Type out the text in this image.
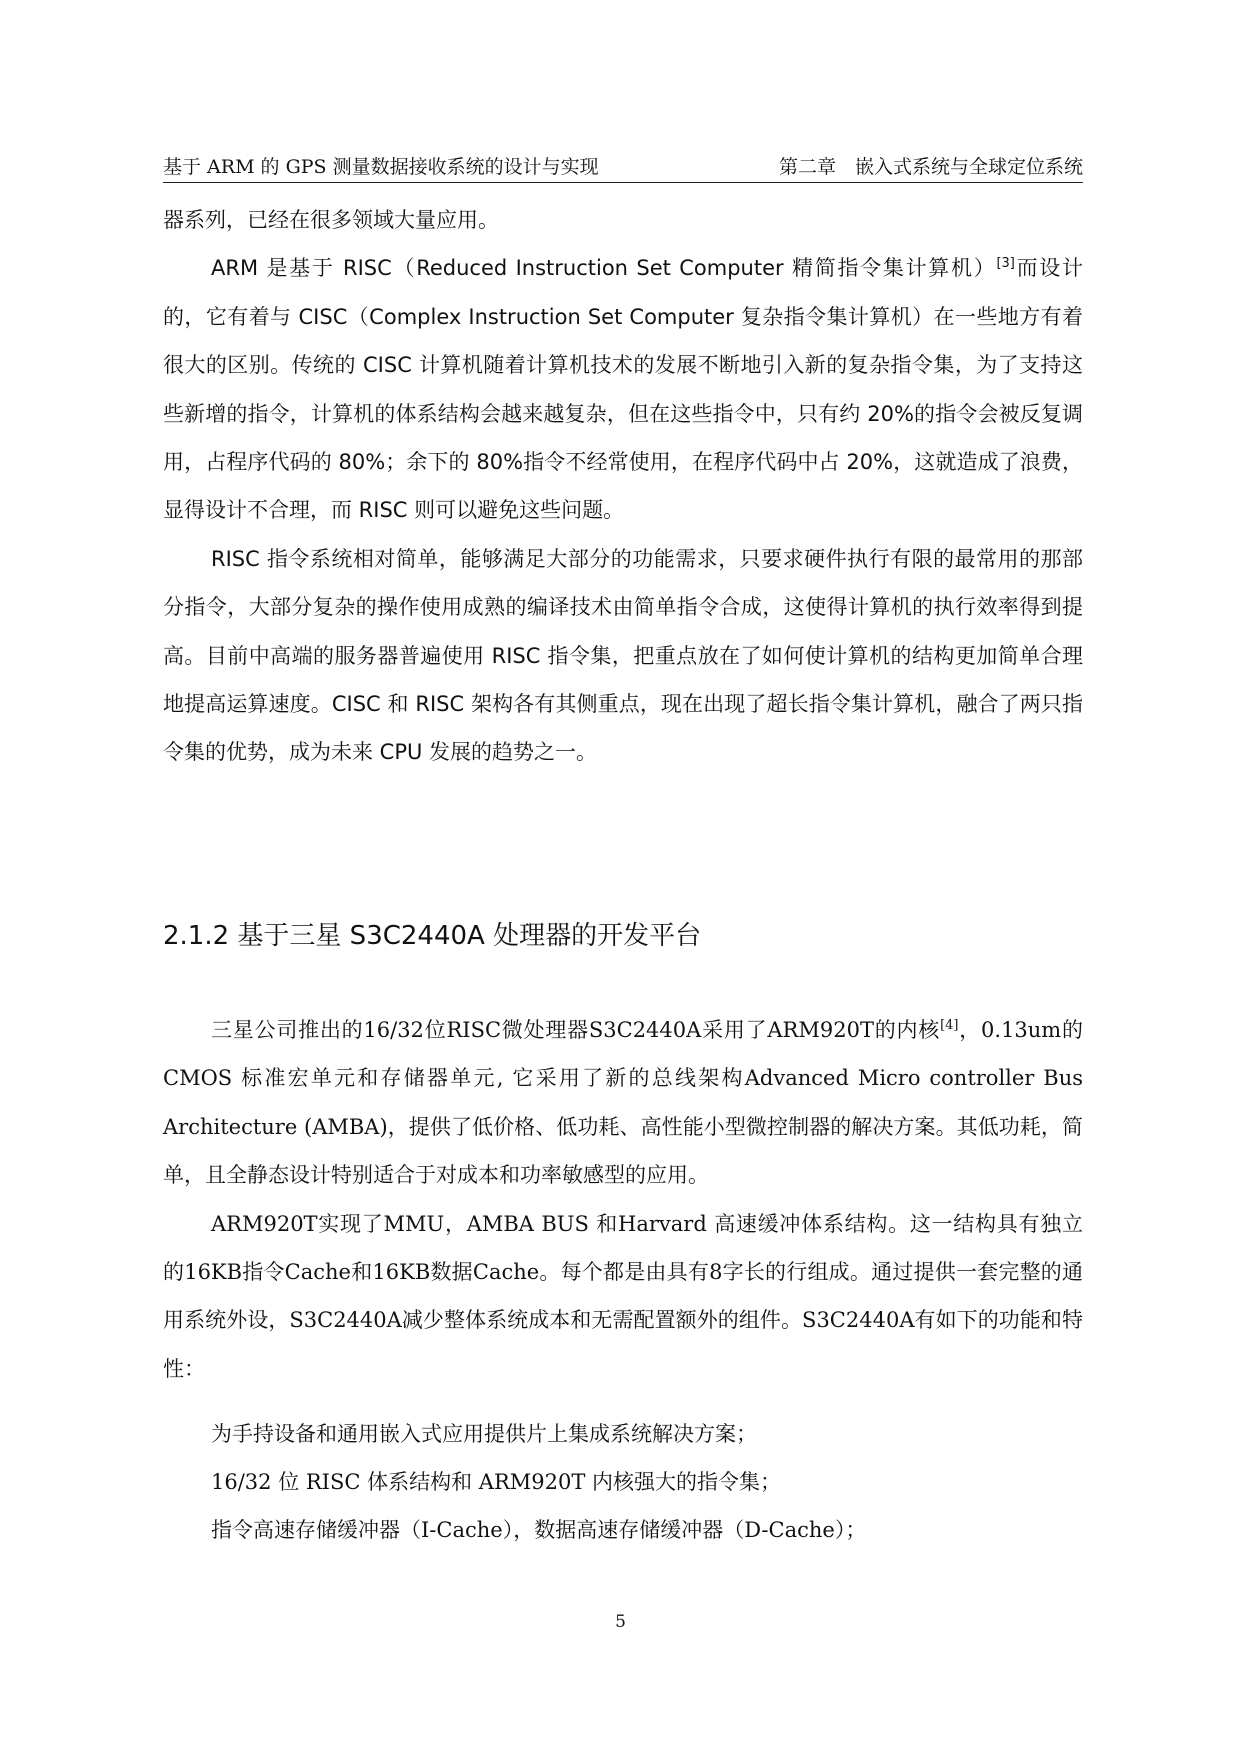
基于 ARM 的 GPS 测量数据接收系统的设计与实现	第二章　嵌入式系统与全球定位系统

器系列，已经在很多领域大量应用。

ARM 是基于 RISC（Reduced Instruction Set Computer 精简指令集计算机）[3]而设计的，它有着与 CISC（Complex Instruction Set Computer 复杂指令集计算机）在一些地方有着很大的区别。传统的 CISC 计算机随着计算机技术的发展不断地引入新的复杂指令集，为了支持这些新增的指令，计算机的体系结构会越来越复杂，但在这些指令中，只有约 20%的指令会被反复调用，占程序代码的 80%；余下的 80%指令不经常使用，在程序代码中占 20%，这就造成了浪费，显得设计不合理，而 RISC 则可以避免这些问题。

RISC 指令系统相对简单，能够满足大部分的功能需求，只要求硬件执行有限的最常用的那部分指令，大部分复杂的操作使用成熟的编译技术由简单指令合成，这使得计算机的执行效率得到提高。目前中高端的服务器普遍使用 RISC 指令集，把重点放在了如何使计算机的结构更加简单合理地提高运算速度。CISC 和 RISC 架构各有其侧重点，现在出现了超长指令集计算机，融合了两只指令集的优势，成为未来 CPU 发展的趋势之一。

2.1.2 基于三星 S3C2440A 处理器的开发平台

三星公司推出的16/32位RISC微处理器S3C2440A采用了ARM920T的内核[4]，0.13um的CMOS 标准宏单元和存储器单元, 它采用了新的总线架构Advanced Micro controller Bus Architecture (AMBA)，提供了低价格、低功耗、高性能小型微控制器的解决方案。其低功耗，简单，且全静态设计特别适合于对成本和功率敏感型的应用。

ARM920T实现了MMU，AMBA BUS 和Harvard 高速缓冲体系结构。这一结构具有独立的16KB指令Cache和16KB数据Cache。每个都是由具有8字长的行组成。通过提供一套完整的通用系统外设，S3C2440A减少整体系统成本和无需配置额外的组件。S3C2440A有如下的功能和特性：

为手持设备和通用嵌入式应用提供片上集成系统解决方案；

16/32 位 RISC 体系结构和 ARM920T 内核强大的指令集；

指令高速存储缓冲器（I-Cache），数据高速存储缓冲器（D-Cache）；

5
